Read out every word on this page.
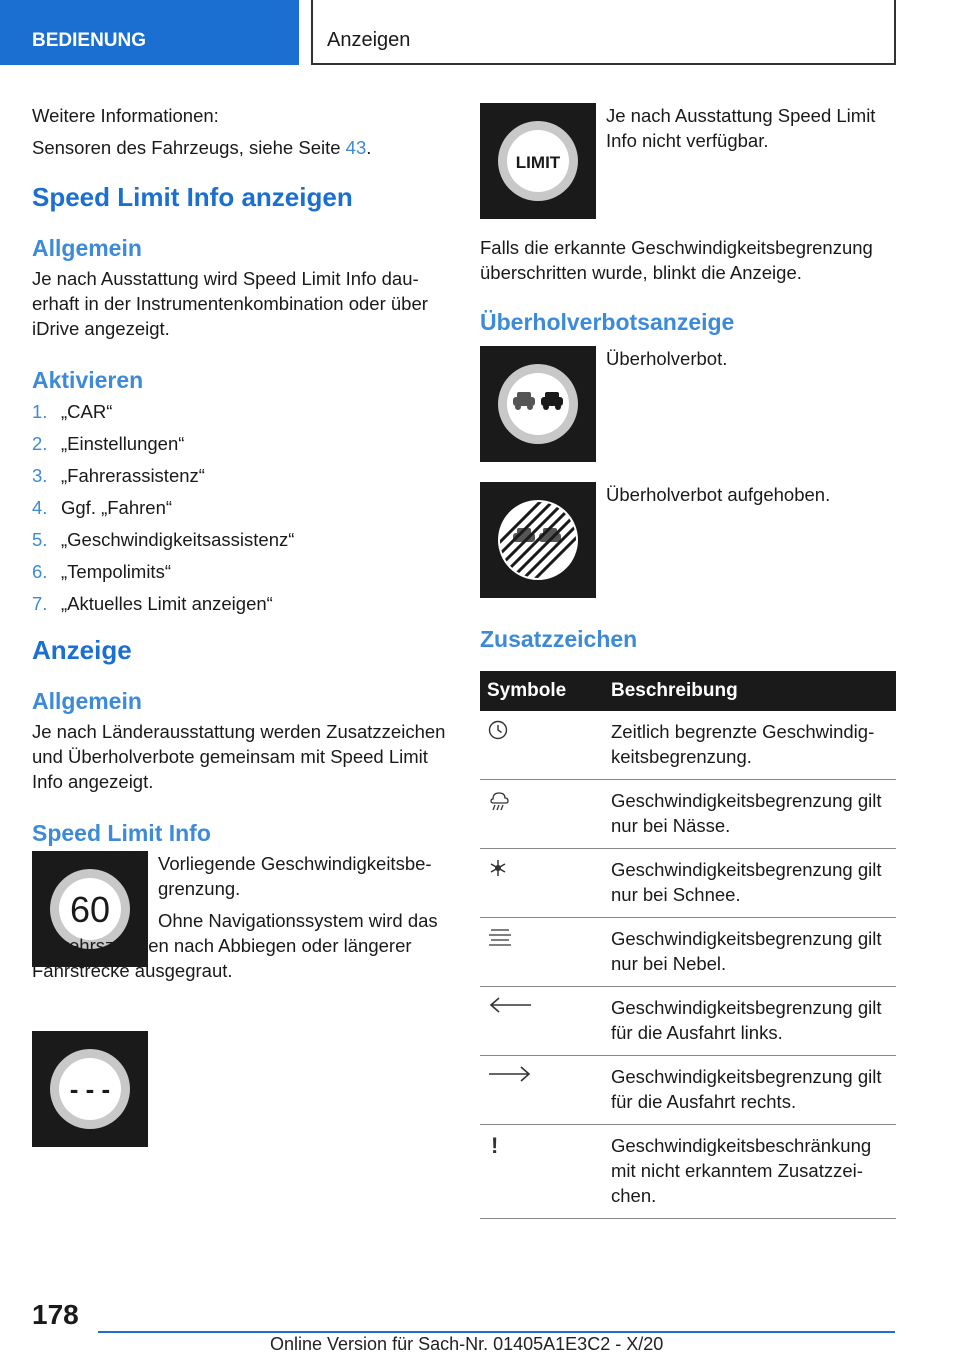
BEDIENUNG	Anzeigen

Weitere Informationen:

Sensoren des Fahrzeugs, siehe Seite 43.

Speed Limit Info anzeigen
Allgemein

Je nach Ausstattung wird Speed Limit Info dauerhaft in der Instrumentenkombination oder über iDrive angezeigt.

Aktivieren
1. „CAR“
2. „Einstellungen“
3. „Fahrerassistenz“
4. Ggf. „Fahren“
5. „Geschwindigkeitsassistenz“
6. „Tempolimits“
7. „Aktuelles Limit anzeigen“
Anzeige
Allgemein

Je nach Länderausstattung werden Zusatzzeichen und Überholverbote gemeinsam mit Speed Limit Info angezeigt.

Speed Limit Info
60

Vorliegende Geschwindigkeitsbegrenzung.

Ohne Navigationssystem wird das Verkehrszeichen nach Abbiegen oder längerer Fahrstrecke ausgegraut.

- - -
LIMIT

Je nach Ausstattung Speed Limit Info nicht verfügbar.

Falls die erkannte Geschwindigkeitsbegrenzung überschritten wurde, blinkt die Anzeige.

Überholverbotsanzeige

Überholverbot.

Überholverbot aufgehoben.

Zusatzzeichen
Symbole	Beschreibung
	Zeitlich begrenzte Geschwindigkeitsbegrenzung.
	Geschwindigkeitsbegrenzung gilt nur bei Nässe.
	Geschwindigkeitsbegrenzung gilt nur bei Schnee.
	Geschwindigkeitsbegrenzung gilt nur bei Nebel.
	Geschwindigkeitsbegrenzung gilt für die Ausfahrt links.
	Geschwindigkeitsbegrenzung gilt für die Ausfahrt rechts.
!	Geschwindigkeitsbeschränkung mit nicht erkanntem Zusatzzeichen.
178
Online Version für Sach-Nr. 01405A1E3C2 - X/20
